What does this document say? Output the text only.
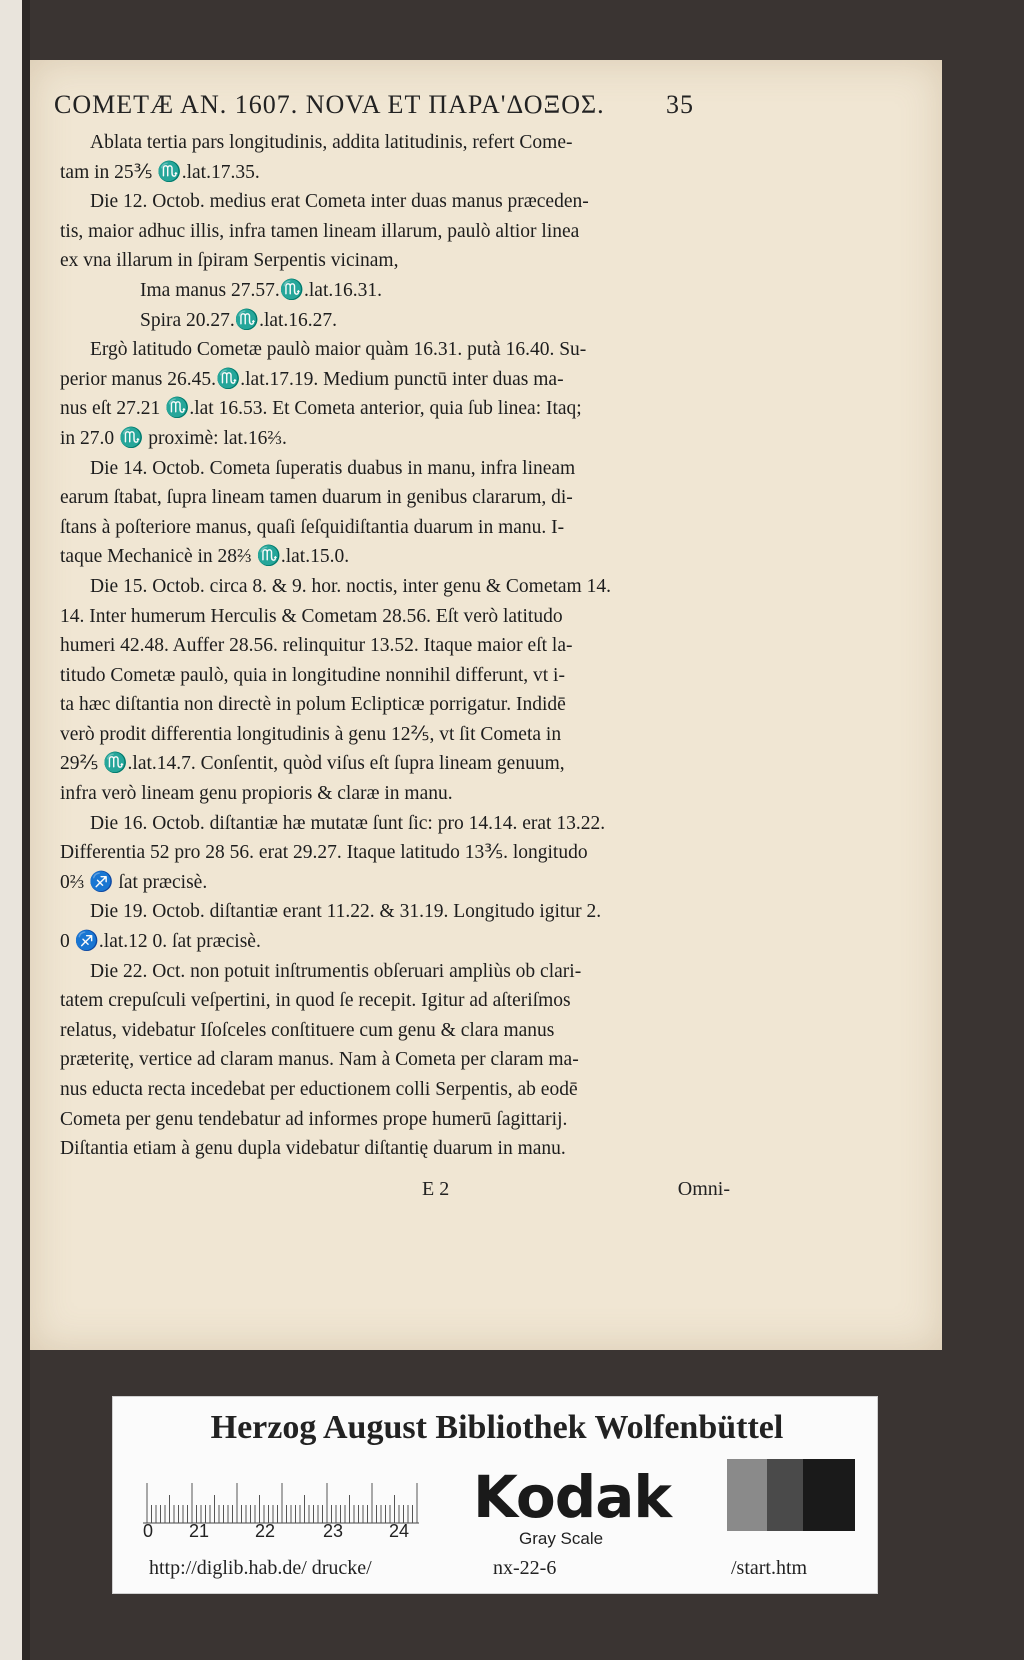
COMETÆ AN. 1607. NOVA ET ΠΑΡΑ'ΔΟΞΟΣ. 35
Ablata tertia pars longitudinis, addita latitudinis, refert Come-
tam in 25⅗ ♏.lat.17.35.
Die 12. Octob. medius erat Cometa inter duas manus præceden-
tis, maior adhuc illis, infra tamen lineam illarum, paulò altior linea
ex vna illarum in ſpiram Serpentis vicinam,
Ima manus 27.57.♏.lat.16.31.
Spira 20.27.♏.lat.16.27.
Ergò latitudo Cometæ paulò maior quàm 16.31. putà 16.40. Su-
perior manus 26.45.♏.lat.17.19. Medium punctū inter duas ma-
nus eſt 27.21 ♏.lat 16.53. Et Cometa anterior, quia ſub linea: Itaq;
in 27.0 ♏ proximè: lat.16⅔.
Die 14. Octob. Cometa ſuperatis duabus in manu, infra lineam
earum ſtabat, ſupra lineam tamen duarum in genibus clararum, di-
ſtans à poſteriore manus, quaſi ſeſquidiſtantia duarum in manu. I-
taque Mechanicè in 28⅔ ♏.lat.15.0.
Die 15. Octob. circa 8. & 9. hor. noctis, inter genu & Cometam 14.
14. Inter humerum Herculis & Cometam 28.56. Eſt verò latitudo
humeri 42.48. Auffer 28.56. relinquitur 13.52. Itaque maior eſt la-
titudo Cometæ paulò, quia in longitudine nonnihil differunt, vt i-
ta hæc diſtantia non directè in polum Eclipticæ porrigatur. Indidē
verò prodit differentia longitudinis à genu 12⅖, vt ſit Cometa in
29⅖ ♏.lat.14.7. Conſentit, quòd viſus eſt ſupra lineam genuum,
infra verò lineam genu propioris & claræ in manu.
Die 16. Octob. diſtantiæ hæ mutatæ ſunt ſic: pro 14.14. erat 13.22.
Differentia 52 pro 28 56. erat 29.27. Itaque latitudo 13⅗. longitudo
0⅔ ♐ ſat præcisè.
Die 19. Octob. diſtantiæ erant 11.22. & 31.19. Longitudo igitur 2.
0 ♐.lat.12 0. ſat præcisè.
Die 22. Oct. non potuit inſtrumentis obſeruari ampliùs ob clari-
tatem crepuſculi veſpertini, in quod ſe recepit. Igitur ad aſteriſmos
relatus, videbatur Iſoſceles conſtituere cum genu & clara manus
præteritę, vertice ad claram manus. Nam à Cometa per claram ma-
nus educta recta incedebat per eductionem colli Serpentis, ab eodē
Cometa per genu tendebatur ad informes prope humerū ſagittarij.
Diſtantia etiam à genu dupla videbatur diſtantię duarum in manu.
E 2	Omni-
Herzog August Bibliothek Wolfenbüttel
0 21	22	23	24 Kodak
Gray Scale
http://diglib.hab.de/ drucke/	nx-22-6	/start.htm
